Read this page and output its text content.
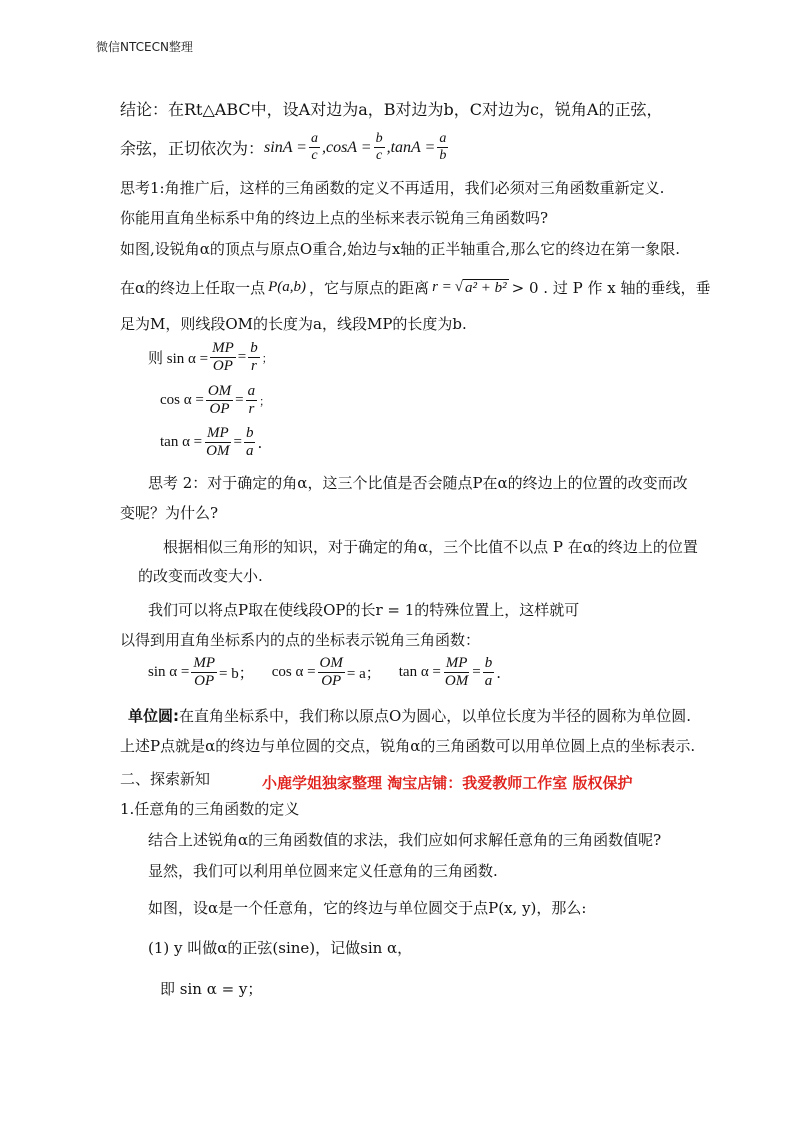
微信NTCECN整理
结论：在Rt△ABC中，设A对边为a，B对边为b，C对边为c，锐角A的正弦，
余弦，正切依次为： $\sin A = \frac{a}{c} ,\cos A = \frac{b}{c} ,\tan A = \frac{a}{b}$
思考1:角推广后，这样的三角函数的定义不再适用，我们必须对三角函数重新定义.
你能用直角坐标系中角的终边上点的坐标来表示锐角三角函数吗?
如图,设锐角α的顶点与原点O重合,始边与x轴的正半轴重合,那么它的终边在第一象限.
在α的终边上任取一点 P(a,b) ，它与原点的距离 r = √ a² + b² > 0 . 过 P 作 x 轴的垂线，垂
足为M，则线段OM的长度为a，线段MP的长度为b.
则 $\sin \alpha = \frac{MP}{OP} = \frac{b}{r}$ ；
$\cos \alpha = \frac{OM}{OP} = \frac{a}{r}$ ；
$\tan \alpha = \frac{MP}{OM} = \frac{b}{a}$ .
思考 2：对于确定的角α，这三个比值是否会随点P在α的终边上的位置的改变而改
变呢？为什么?
根据相似三角形的知识，对于确定的角α，三个比值不以点 P 在α的终边上的位置
的改变而改变大小.
我们可以将点P取在使线段OP的长r = 1的特殊位置上，这样就可
以得到用直角坐标系内的点的坐标表示锐角三角函数：
$\sin \alpha = \frac{MP}{OP} = b$； $\cos \alpha = \frac{OM}{OP} = a$； $\tan \alpha = \frac{MP}{OM} = \frac{b}{a}$ .
单位圆:在直角坐标系中，我们称以原点O为圆心，以单位长度为半径的圆称为单位圆.
上述P点就是α的终边与单位圆的交点，锐角α的三角函数可以用单位圆上点的坐标表示.
二、探索新知	小鹿学姐独家整理 淘宝店铺：我爱教师工作室 版权保护
1.任意角的三角函数的定义
结合上述锐角α的三角函数值的求法，我们应如何求解任意角的三角函数值呢?
显然，我们可以利用单位圆来定义任意角的三角函数.
如图，设α是一个任意角，它的终边与单位圆交于点P(x, y)，那么:
(1) y 叫做α的正弦(sine)，记做sin α，
即 sin α = y；
